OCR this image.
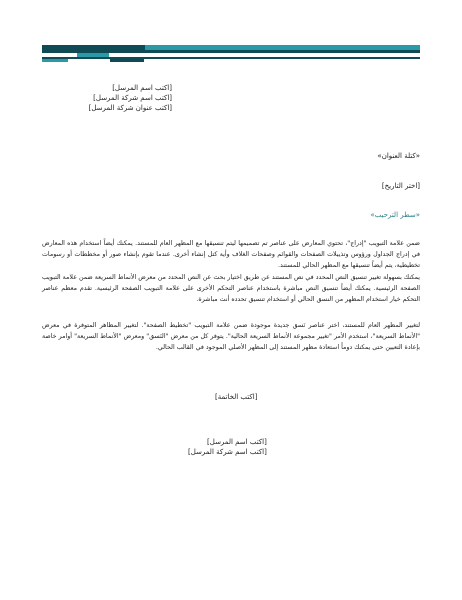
[اكتب اسم المرسل]
[اكتب اسم شركة المرسل]
[اكتب عنوان شركة المرسل]
«كتلة العنوان»
[اختر التاريخ]
«سطر الترحيب»
ضمن علامة التبويب "إدراج"، تحتوي المعارض على عناصر تم تصميمها ليتم تنسيقها مع المظهر العام للمستند. يمكنك أيضاً استخدام هذه المعارض في إدراج الجداول ورؤوس وتذييلات الصفحات والقوائم وصفحات الغلاف وأية كتل إنشاء أخرى. عندما تقوم بإنشاء صور أو مخططات أو رسومات تخطيطية، يتم أيضاً تنسيقها مع المظهر الحالي للمستند.
يمكنك بسهولة تغيير تنسيق النص المحدد في نص المستند عن طريق اختيار بحث عن النص المحدد من معرض الأنماط السريعة ضمن علامة التبويب الصفحة الرئيسية. يمكنك أيضاً تنسيق النص مباشرة باستخدام عناصر التحكم الأخرى على علامة التبويب الصفحة الرئيسية. تقدم معظم عناصر التحكم خيار استخدام المظهر من النسق الحالي أو استخدام تنسيق تحدده أنت مباشرة.
لتغيير المظهر العام للمستند، اختر عناصر نَسق جديدة موجودة ضمن علامة التبويب "تخطيط الصفحة". لتغيير المظاهر المتوفرة في معرض "الأنماط السريعة"، استخدم الأمر "تغيير مجموعة الأنماط السريعة الحالية". يتوفر كل من معرض "النَسق" ومعرض "الأنماط السريعة" أوامر خاصة بإعادة التعيين حتى يمكنك دوماً استعادة مظهر المستند إلى المظهر الأصلي الموجود في القالب الحالي.
[اكتب الخاتمة]
[اكتب اسم المرسل]
[اكتب اسم شركة المرسل]
